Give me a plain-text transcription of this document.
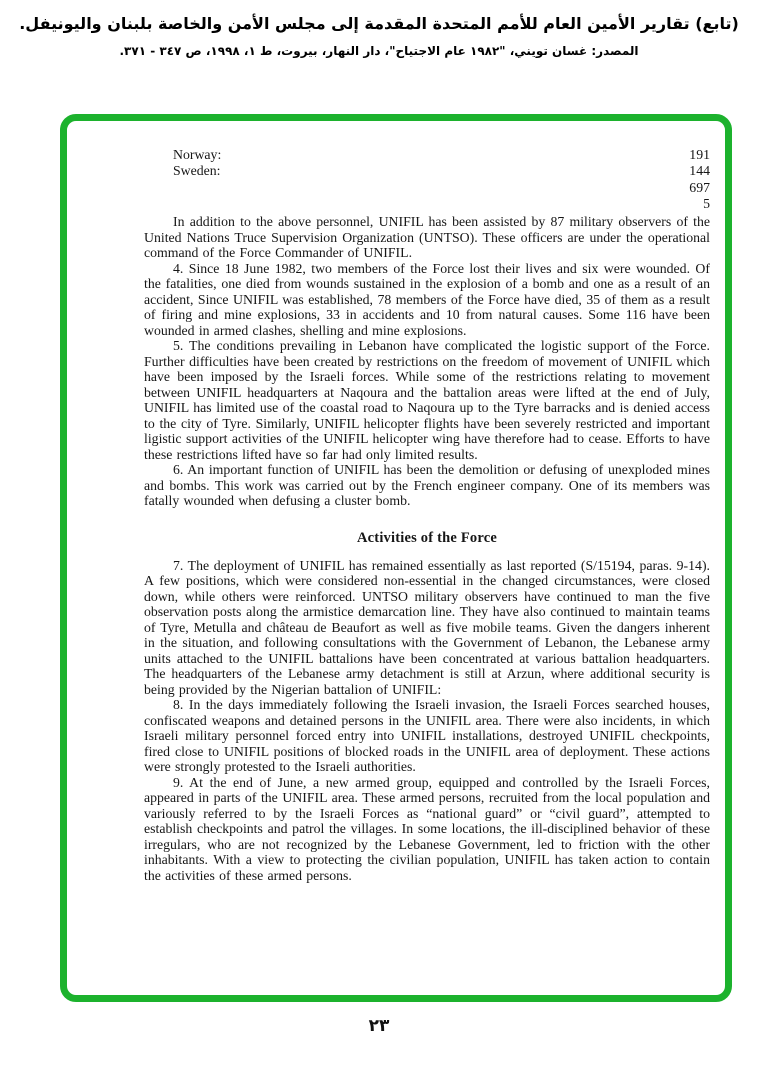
(تابع) تقارير الأمين العام للأمم المتحدة المقدمة إلى مجلس الأمن والخاصة بلبنان واليونيفل.
المصدر: غسان تويني، "١٩٨٢ عام الاجتياح"، دار النهار، بيروت، ط ١، ١٩٩٨، ص ٣٤٧ - ٣٧١.
Norway:	191
Sweden:	144
697
5

In addition to the above personnel, UNIFIL has been assisted by 87 military observers of the United Nations Truce Supervision Organization (UNTSO). These officers are under the operational command of the Force Commander of UNIFIL.

4. Since 18 June 1982, two members of the Force lost their lives and six were wounded. Of the fatalities, one died from wounds sustained in the explosion of a bomb and one as a result of an accident, Since UNIFIL was established, 78 members of the Force have died, 35 of them as a result of firing and mine explosions, 33 in accidents and 10 from natural causes. Some 116 have been wounded in armed clashes, shelling and mine explosions.

5. The conditions prevailing in Lebanon have complicated the logistic support of the Force. Further difficulties have been created by restrictions on the freedom of movement of UNIFIL which have been imposed by the Israeli forces. While some of the restrictions relating to movement between UNIFIL headquarters at Naqoura and the battalion areas were lifted at the end of July, UNIFIL has limited use of the coastal road to Naqoura up to the Tyre barracks and is denied access to the city of Tyre. Similarly, UNIFIL helicopter flights have been severely restricted and important ligistic support activities of the UNIFIL helicopter wing have therefore had to cease. Efforts to have these restrictions lifted have so far had only limited results.

6. An important function of UNIFIL has been the demolition or defusing of unexploded mines and bombs. This work was carried out by the French engineer company. One of its members was fatally wounded when defusing a cluster bomb.

Activities of the Force

7. The deployment of UNIFIL has remained essentially as last reported (S/15194, paras. 9-14). A few positions, which were considered non-essential in the changed circumstances, were closed down, while others were reinforced. UNTSO military observers have continued to man the five observation posts along the armistice demarcation line. They have also continued to maintain teams of Tyre, Metulla and château de Beaufort as well as five mobile teams. Given the dangers inherent in the situation, and following consultations with the Government of Lebanon, the Lebanese army units attached to the UNIFIL battalions have been concentrated at various battalion headquarters. The headquarters of the Lebanese army detachment is still at Arzun, where additional security is being provided by the Nigerian battalion of UNIFIL:

8. In the days immediately following the Israeli invasion, the Israeli Forces searched houses, confiscated weapons and detained persons in the UNIFIL area. There were also incidents, in which Israeli military personnel forced entry into UNIFIL installations, destroyed UNIFIL checkpoints, fired close to UNIFIL positions of blocked roads in the UNIFIL area of deployment. These actions were strongly protested to the Israeli authorities.

9. At the end of June, a new armed group, equipped and controlled by the Israeli Forces, appeared in parts of the UNIFIL area. These armed persons, recruited from the local population and variously referred to by the Israeli Forces as “national guard” or “civil guard”, attempted to establish checkpoints and patrol the villages. In some locations, the ill-disciplined behavior of these irregulars, who are not recognized by the Lebanese Government, led to friction with the other inhabitants. With a view to protecting the civilian population, UNIFIL has taken action to contain the activities of these armed persons.

٢٣
